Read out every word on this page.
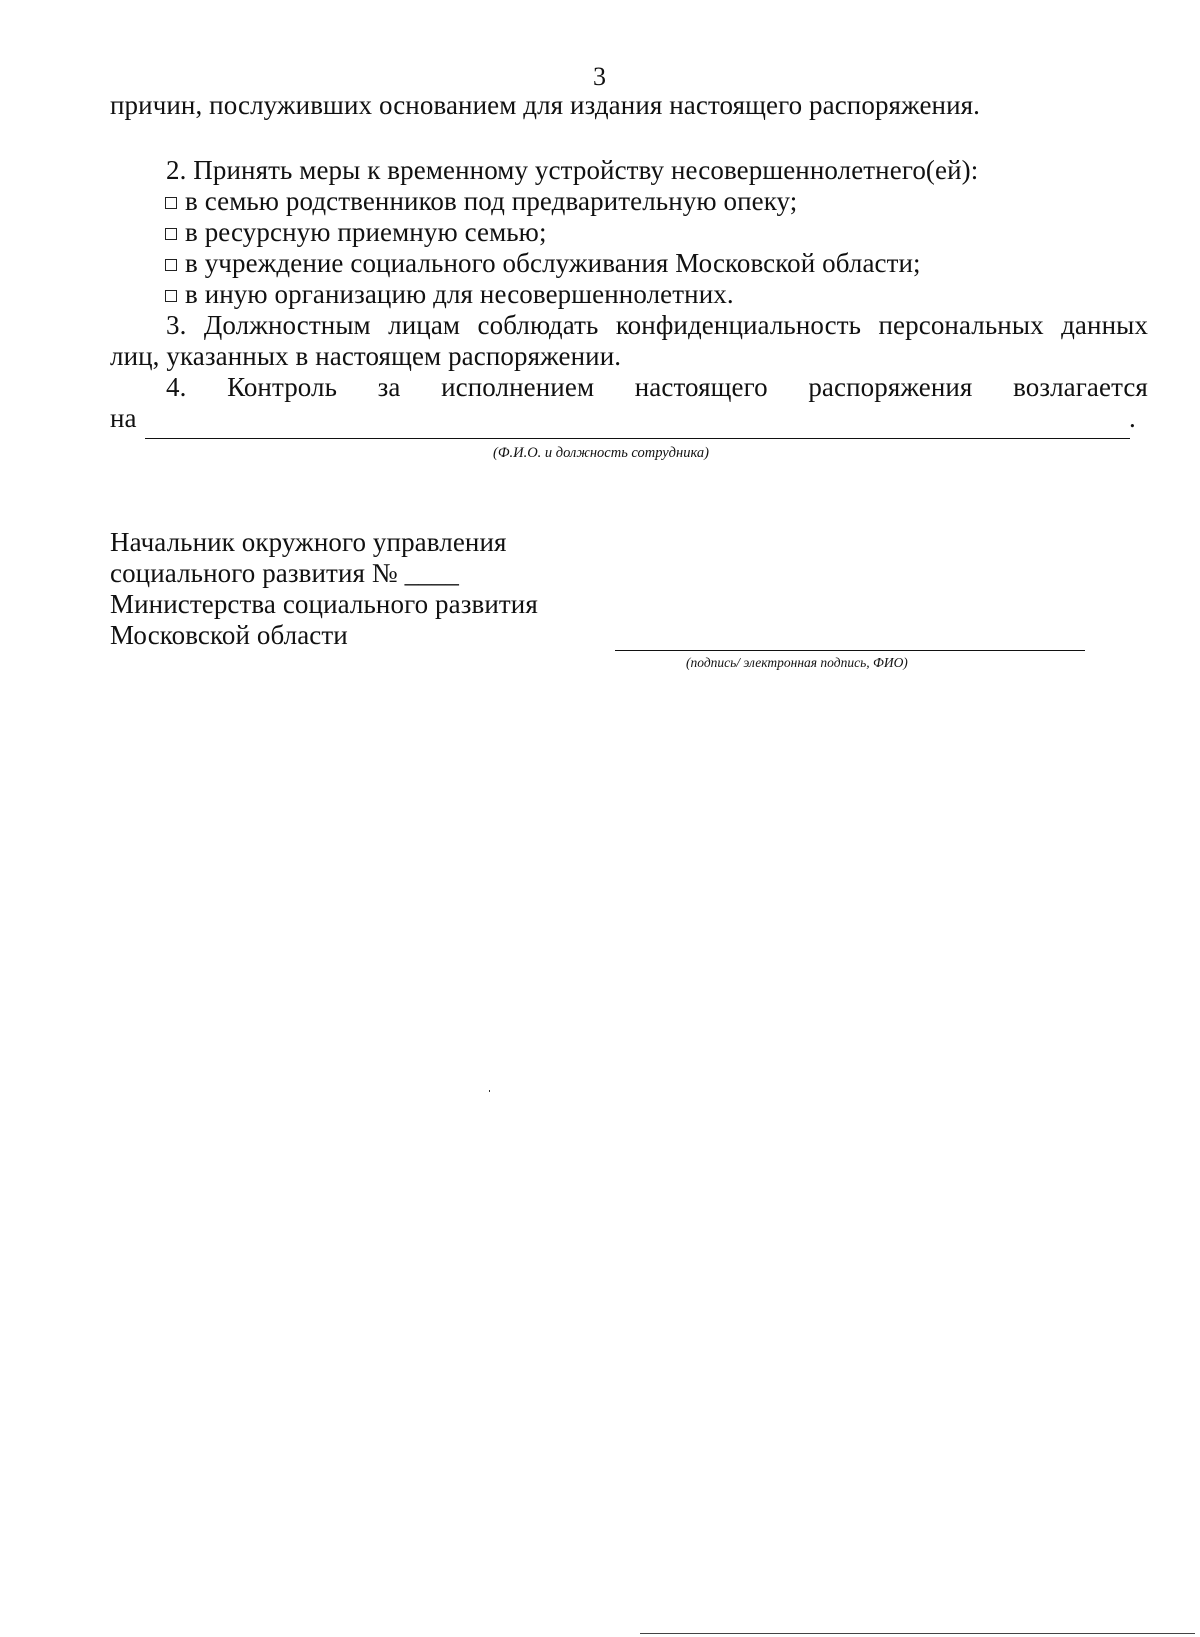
3
причин, послуживших основанием для издания настоящего распоряжения.
2. Принять меры к временному устройству несовершеннолетнего(ей):
в семью родственников под предварительную опеку;
в ресурсную приемную семью;
в учреждение социального обслуживания Московской области;
в иную организацию для несовершеннолетних.
3. Должностным лицам соблюдать конфиденциальность персональных данных
лиц, указанных в настоящем распоряжении.
4. Контроль за исполнением настоящего распоряжения возлагается
на	.
(Ф.И.О. и должность сотрудника)
Начальник окружного управления
социального развития № ____
Министерства социального развития
Московской области
(подпись/ электронная подпись, ФИО)
